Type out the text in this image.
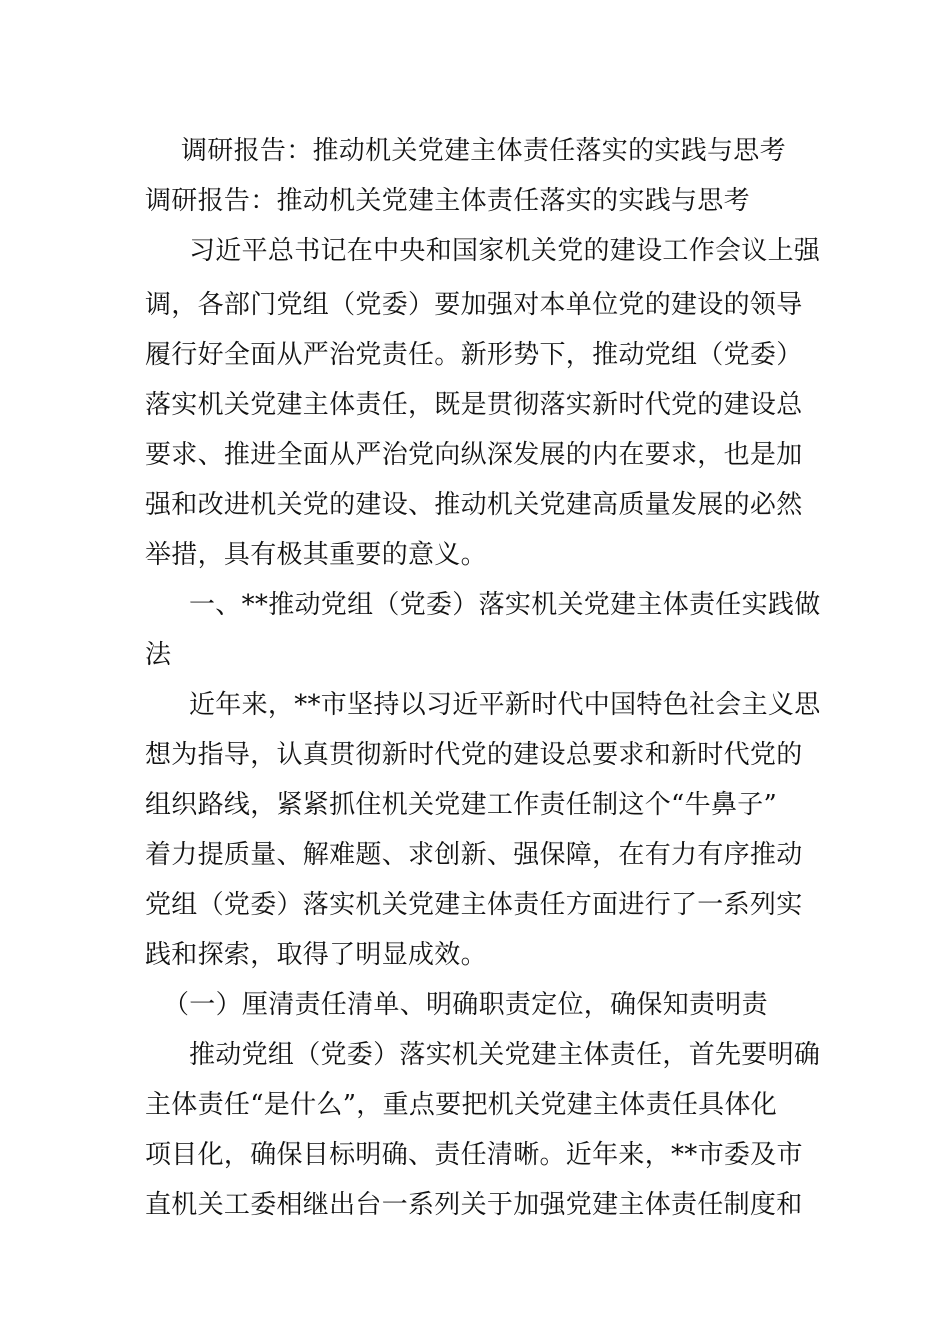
调研报告：推动机关党建主体责任落实的实践与思考
调研报告：推动机关党建主体责任落实的实践与思考
习近平总书记在中央和国家机关党的建设工作会议上强
调，各部门党组（党委）要加强对本单位党的建设的领导
履行好全面从严治党责任。新形势下，推动党组（党委）
落实机关党建主体责任，既是贯彻落实新时代党的建设总
要求、推进全面从严治党向纵深发展的内在要求，也是加
强和改进机关党的建设、推动机关党建高质量发展的必然
举措，具有极其重要的意义。
一、**推动党组（党委）落实机关党建主体责任实践做
法
近年来，**市坚持以习近平新时代中国特色社会主义思
想为指导，认真贯彻新时代党的建设总要求和新时代党的
组织路线，紧紧抓住机关党建工作责任制这个“牛鼻子”
着力提质量、解难题、求创新、强保障，在有力有序推动
党组（党委）落实机关党建主体责任方面进行了一系列实
践和探索，取得了明显成效。
（一）厘清责任清单、明确职责定位，确保知责明责
推动党组（党委）落实机关党建主体责任，首先要明确
主体责任“是什么”，重点要把机关党建主体责任具体化
项目化，确保目标明确、责任清晰。近年来，**市委及市
直机关工委相继出台一系列关于加强党建主体责任制度和
